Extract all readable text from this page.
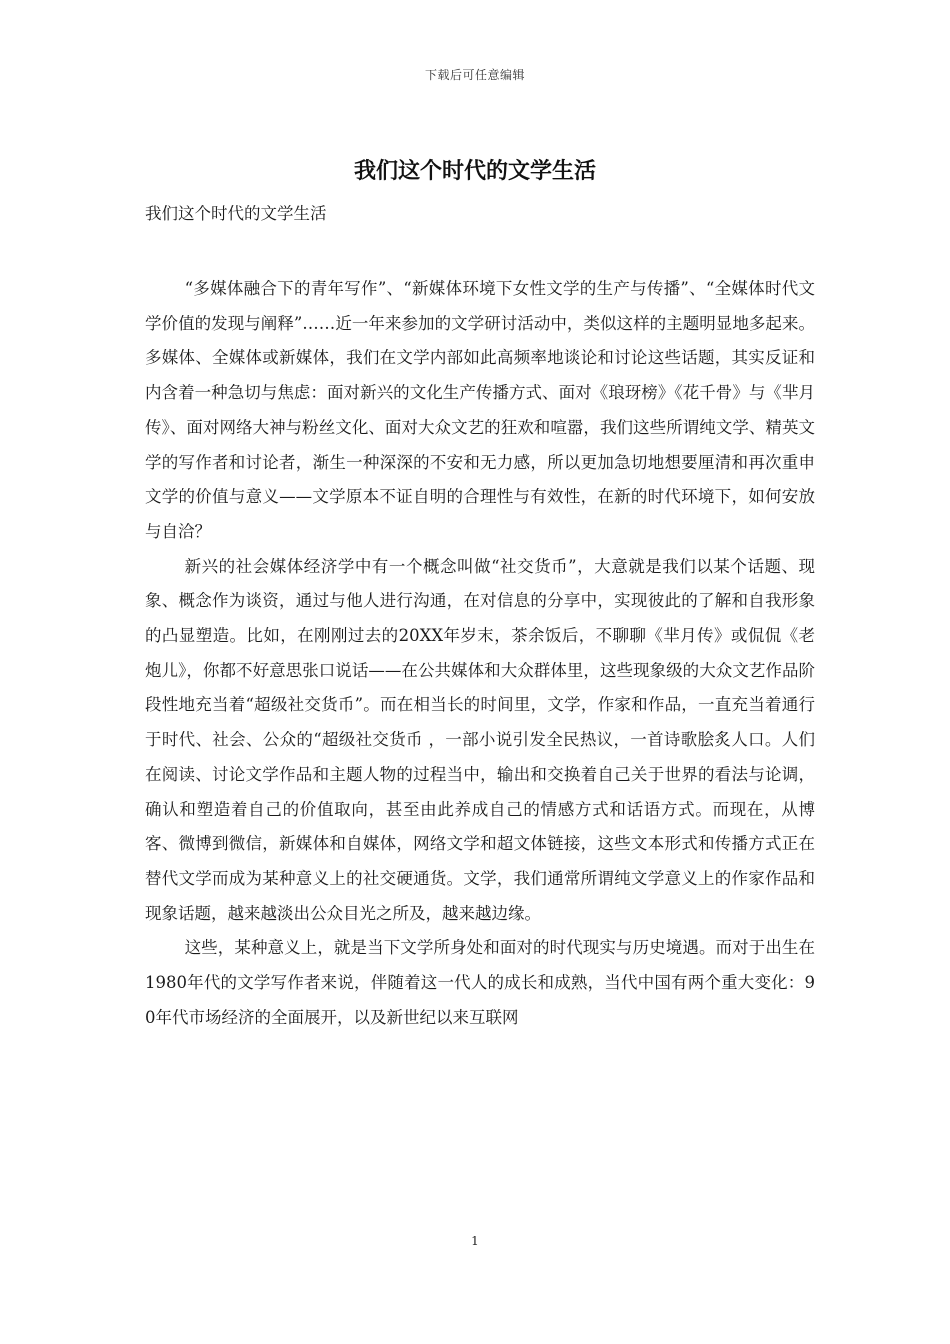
下载后可任意编辑
我们这个时代的文学生活

我们这个时代的文学生活

“多媒体融合下的青年写作”、“新媒体环境下女性文学的生产与传播”、“全媒体时代文学价值的发现与阐释”……近一年来参加的文学研讨活动中，类似这样的主题明显地多起来。多媒体、全媒体或新媒体，我们在文学内部如此高频率地谈论和讨论这些话题，其实反证和内含着一种急切与焦虑：面对新兴的文化生产传播方式、面对《琅玡榜》《花千骨》与《芈月传》、面对网络大神与粉丝文化、面对大众文艺的狂欢和喧嚣，我们这些所谓纯文学、精英文学的写作者和讨论者，渐生一种深深的不安和无力感，所以更加急切地想要厘清和再次重申文学的价值与意义——文学原本不证自明的合理性与有效性，在新的时代环境下，如何安放与自洽？

新兴的社会媒体经济学中有一个概念叫做“社交货币”，大意就是我们以某个话题、现象、概念作为谈资，通过与他人进行沟通，在对信息的分享中，实现彼此的了解和自我形象的凸显塑造。比如，在刚刚过去的20XX年岁末，茶余饭后，不聊聊《芈月传》或侃侃《老炮儿》，你都不好意思张口说话——在公共媒体和大众群体里，这些现象级的大众文艺作品阶段性地充当着“超级社交货币”。而在相当长的时间里，文学，作家和作品，一直充当着通行于时代、社会、公众的“超级社交货币 ，一部小说引发全民热议，一首诗歌脍炙人口。人们在阅读、讨论文学作品和主题人物的过程当中，输出和交换着自己关于世界的看法与论调，确认和塑造着自己的价值取向，甚至由此养成自己的情感方式和话语方式。而现在，从博客、微博到微信，新媒体和自媒体，网络文学和超文体链接，这些文本形式和传播方式正在替代文学而成为某种意义上的社交硬通货。文学，我们通常所谓纯文学意义上的作家作品和现象话题，越来越淡出公众目光之所及，越来越边缘。

这些，某种意义上，就是当下文学所身处和面对的时代现实与历史境遇。而对于出生在1980年代的文学写作者来说，伴随着这一代人的成长和成熟，当代中国有两个重大变化：90年代市场经济的全面展开，以及新世纪以来互联网

1
